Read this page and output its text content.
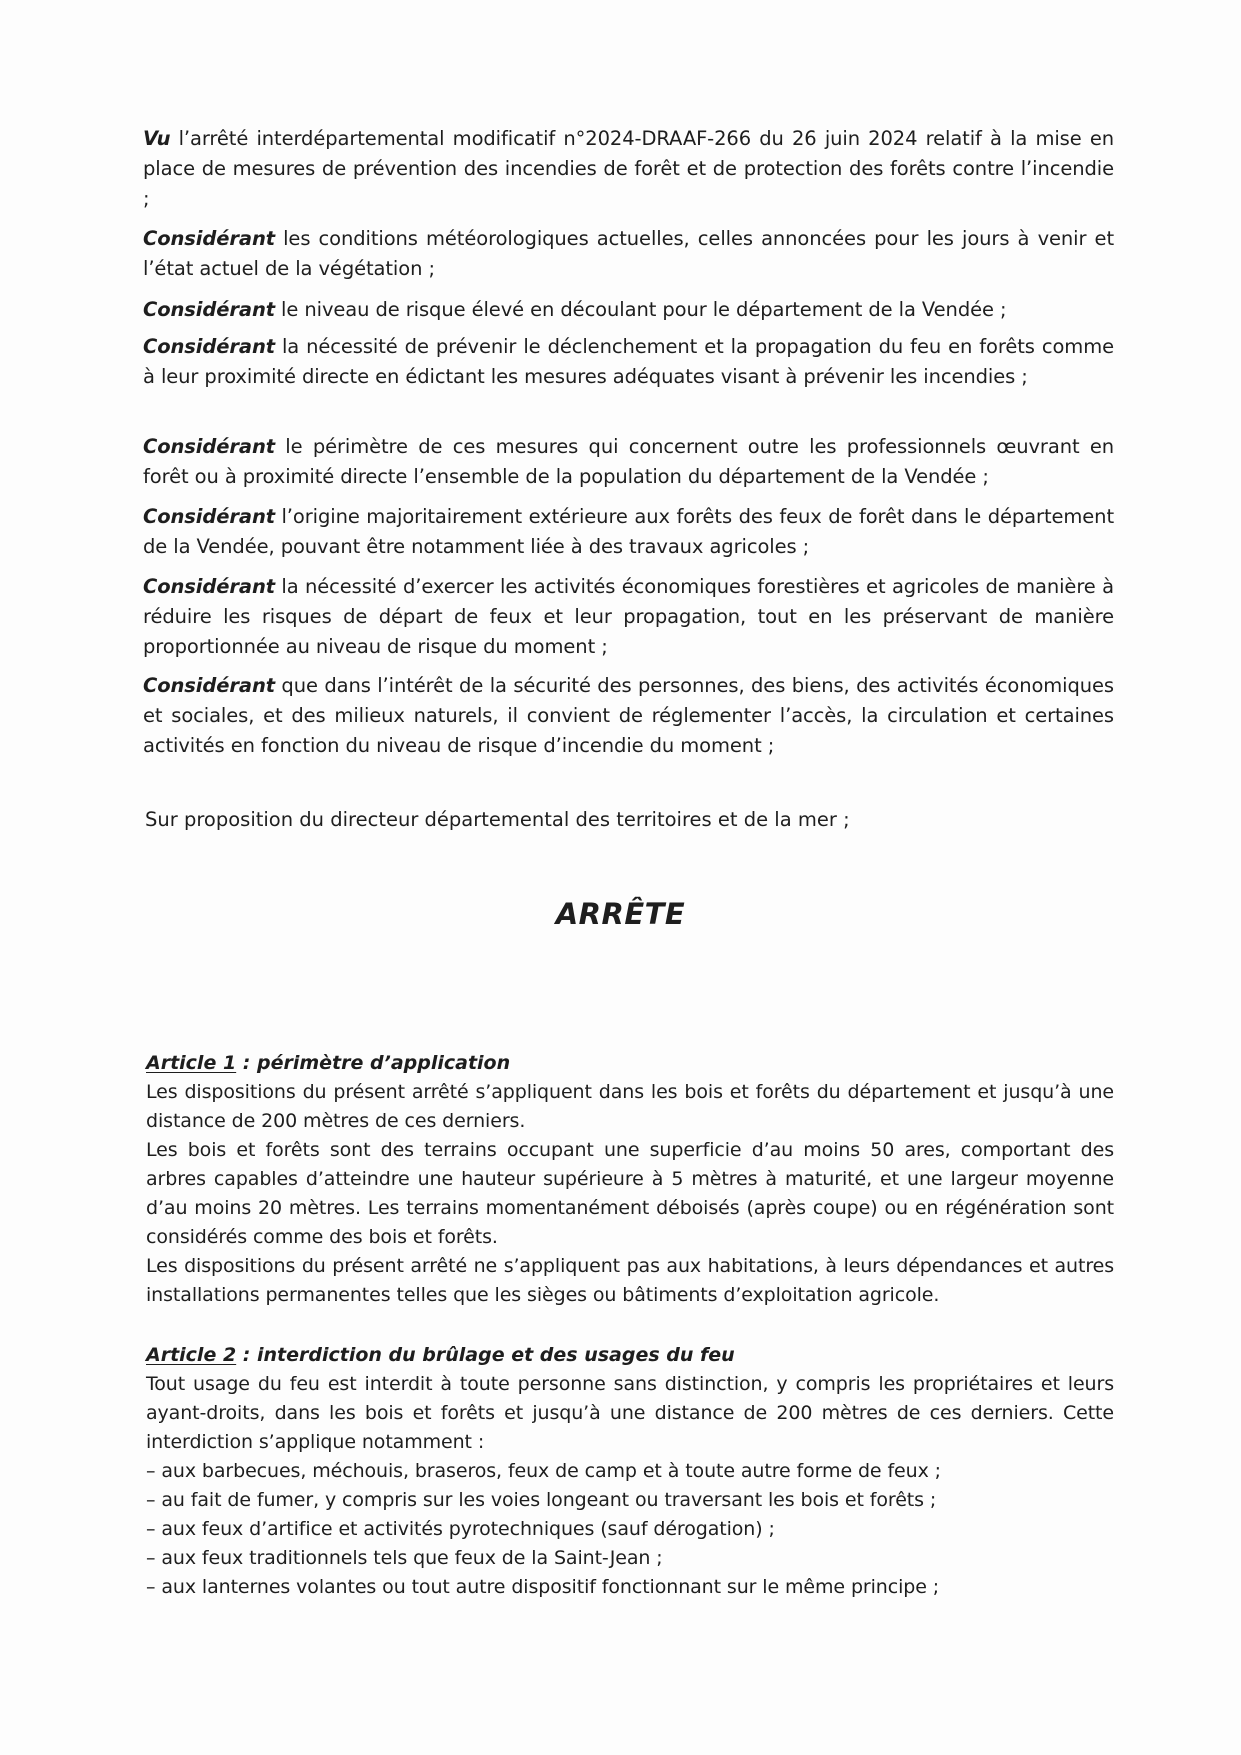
Vu l’arrêté interdépartemental modificatif n°2024-DRAAF-266 du 26 juin 2024 relatif à la mise en place de mesures de prévention des incendies de forêt et de protection des forêts contre l’incendie ;
Considérant les conditions météorologiques actuelles, celles annoncées pour les jours à venir et l’état actuel de la végétation ;
Considérant le niveau de risque élevé en découlant pour le département de la Vendée ;
Considérant la nécessité de prévenir le déclenchement et la propagation du feu en forêts comme à leur proximité directe en édictant les mesures adéquates visant à prévenir les incendies ;
Considérant le périmètre de ces mesures qui concernent outre les professionnels œuvrant en forêt ou à proximité directe l’ensemble de la population du département de la Vendée ;
Considérant l’origine majoritairement extérieure aux forêts des feux de forêt dans le département de la Vendée, pouvant être notamment liée à des travaux agricoles ;
Considérant la nécessité d’exercer les activités économiques forestières et agricoles de manière à réduire les risques de départ de feux et leur propagation, tout en les préservant de manière proportionnée au niveau de risque du moment ;
Considérant que dans l’intérêt de la sécurité des personnes, des biens, des activités économiques et sociales, et des milieux naturels, il convient de réglementer l’accès, la circulation et certaines activités en fonction du niveau de risque d’incendie du moment ;
Sur proposition du directeur départemental des territoires et de la mer ;
ARRÊTE
Article 1 : périmètre d’application

Les dispositions du présent arrêté s’appliquent dans les bois et forêts du département et jusqu’à une distance de 200 mètres de ces derniers.

Les bois et forêts sont des terrains occupant une superficie d’au moins 50 ares, comportant des arbres capables d’atteindre une hauteur supérieure à 5 mètres à maturité, et une largeur moyenne d’au moins 20 mètres. Les terrains momentanément déboisés (après coupe) ou en régénération sont considérés comme des bois et forêts.

Les dispositions du présent arrêté ne s’appliquent pas aux habitations, à leurs dépendances et autres installations permanentes telles que les sièges ou bâtiments d’exploitation agricole.

Article 2 : interdiction du brûlage et des usages du feu

Tout usage du feu est interdit à toute personne sans distinction, y compris les propriétaires et leurs ayant-droits, dans les bois et forêts et jusqu’à une distance de 200 mètres de ces derniers. Cette interdiction s’applique notamment :

– aux barbecues, méchouis, braseros, feux de camp et à toute autre forme de feux ;

– au fait de fumer, y compris sur les voies longeant ou traversant les bois et forêts ;

– aux feux d’artifice et activités pyrotechniques (sauf dérogation) ;

– aux feux traditionnels tels que feux de la Saint-Jean ;

– aux lanternes volantes ou tout autre dispositif fonctionnant sur le même principe ;
